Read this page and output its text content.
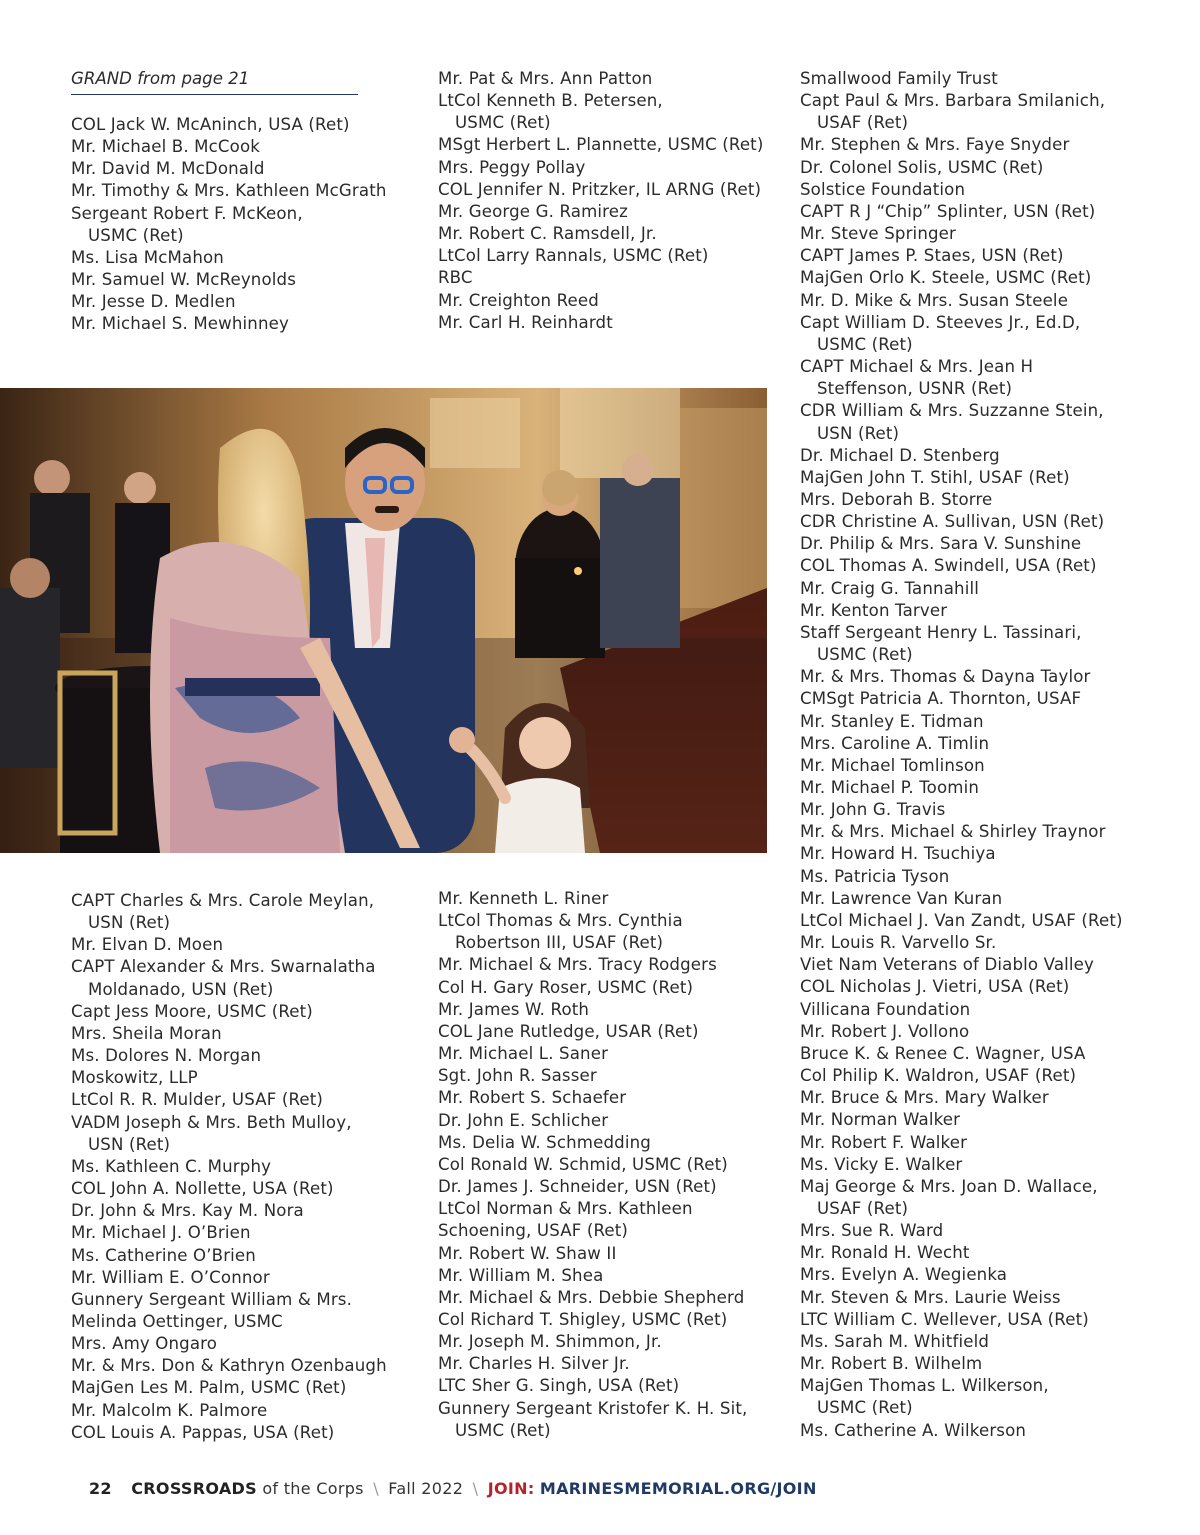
GRAND from page 21
COL Jack W. McAninch, USA (Ret)
Mr. Michael B. McCook
Mr. David M. McDonald
Mr. Timothy & Mrs. Kathleen McGrath
Sergeant Robert F. McKeon,
USMC (Ret)
Ms. Lisa McMahon
Mr. Samuel W. McReynolds
Mr. Jesse D. Medlen
Mr. Michael S. Mewhinney
Mr. Pat & Mrs. Ann Patton
LtCol Kenneth B. Petersen,
USMC (Ret)
MSgt Herbert L. Plannette, USMC (Ret)
Mrs. Peggy Pollay
COL Jennifer N. Pritzker, IL ARNG (Ret)
Mr. George G. Ramirez
Mr. Robert C. Ramsdell, Jr.
LtCol Larry Rannals, USMC (Ret)
RBC
Mr. Creighton Reed
Mr. Carl H. Reinhardt
Smallwood Family Trust
Capt Paul & Mrs. Barbara Smilanich,
USAF (Ret)
Mr. Stephen & Mrs. Faye Snyder
Dr. Colonel Solis, USMC (Ret)
Solstice Foundation
CAPT R J “Chip” Splinter, USN (Ret)
Mr. Steve Springer
CAPT James P. Staes, USN (Ret)
MajGen Orlo K. Steele, USMC (Ret)
Mr. D. Mike & Mrs. Susan Steele
Capt William D. Steeves Jr., Ed.D,
USMC (Ret)
CAPT Michael & Mrs. Jean H
Steffenson, USNR (Ret)
CDR William & Mrs. Suzzanne Stein,
USN (Ret)
Dr. Michael D. Stenberg
MajGen John T. Stihl, USAF (Ret)
Mrs. Deborah B. Storre
CDR Christine A. Sullivan, USN (Ret)
Dr. Philip & Mrs. Sara V. Sunshine
COL Thomas A. Swindell, USA (Ret)
Mr. Craig G. Tannahill
Mr. Kenton Tarver
Staff Sergeant Henry L. Tassinari,
USMC (Ret)
Mr. & Mrs. Thomas & Dayna Taylor
CMSgt Patricia A. Thornton, USAF
Mr. Stanley E. Tidman
Mrs. Caroline A. Timlin
Mr. Michael Tomlinson
Mr. Michael P. Toomin
Mr. John G. Travis
Mr. & Mrs. Michael & Shirley Traynor
Mr. Howard H. Tsuchiya
Ms. Patricia Tyson
Mr. Lawrence Van Kuran
LtCol Michael J. Van Zandt, USAF (Ret)
Mr. Louis R. Varvello Sr.
Viet Nam Veterans of Diablo Valley
COL Nicholas J. Vietri, USA (Ret)
Villicana Foundation
Mr. Robert J. Vollono
Bruce K. & Renee C. Wagner, USA
Col Philip K. Waldron, USAF (Ret)
Mr. Bruce & Mrs. Mary Walker
Mr. Norman Walker
Mr. Robert F. Walker
Ms. Vicky E. Walker
Maj George & Mrs. Joan D. Wallace,
USAF (Ret)
Mrs. Sue R. Ward
Mr. Ronald H. Wecht
Mrs. Evelyn A. Wegienka
Mr. Steven & Mrs. Laurie Weiss
LTC William C. Wellever, USA (Ret)
Ms. Sarah M. Whitfield
Mr. Robert B. Wilhelm
MajGen Thomas L. Wilkerson,
USMC (Ret)
Ms. Catherine A. Wilkerson
CAPT Charles & Mrs. Carole Meylan,
USN (Ret)
Mr. Elvan D. Moen
CAPT Alexander & Mrs. Swarnalatha
Moldanado, USN (Ret)
Capt Jess Moore, USMC (Ret)
Mrs. Sheila Moran
Ms. Dolores N. Morgan
Moskowitz, LLP
LtCol R. R. Mulder, USAF (Ret)
VADM Joseph & Mrs. Beth Mulloy,
USN (Ret)
Ms. Kathleen C. Murphy
COL John A. Nollette, USA (Ret)
Dr. John & Mrs. Kay M. Nora
Mr. Michael J. O’Brien
Ms. Catherine O’Brien
Mr. William E. O’Connor
Gunnery Sergeant William & Mrs.
Melinda Oettinger, USMC
Mrs. Amy Ongaro
Mr. & Mrs. Don & Kathryn Ozenbaugh
MajGen Les M. Palm, USMC (Ret)
Mr. Malcolm K. Palmore
COL Louis A. Pappas, USA (Ret)
Mr. Kenneth L. Riner
LtCol Thomas & Mrs. Cynthia
Robertson III, USAF (Ret)
Mr. Michael & Mrs. Tracy Rodgers
Col H. Gary Roser, USMC (Ret)
Mr. James W. Roth
COL Jane Rutledge, USAR (Ret)
Mr. Michael L. Saner
Sgt. John R. Sasser
Mr. Robert S. Schaefer
Dr. John E. Schlicher
Ms. Delia W. Schmedding
Col Ronald W. Schmid, USMC (Ret)
Dr. James J. Schneider, USN (Ret)
LtCol Norman & Mrs. Kathleen
Schoening, USAF (Ret)
Mr. Robert W. Shaw II
Mr. William M. Shea
Mr. Michael & Mrs. Debbie Shepherd
Col Richard T. Shigley, USMC (Ret)
Mr. Joseph M. Shimmon, Jr.
Mr. Charles H. Silver Jr.
LTC Sher G. Singh, USA (Ret)
Gunnery Sergeant Kristofer K. H. Sit,
USMC (Ret)
22 CROSSROADS of the Corps \ Fall 2022 \ JOIN: MARINESMEMORIAL.ORG/JOIN
